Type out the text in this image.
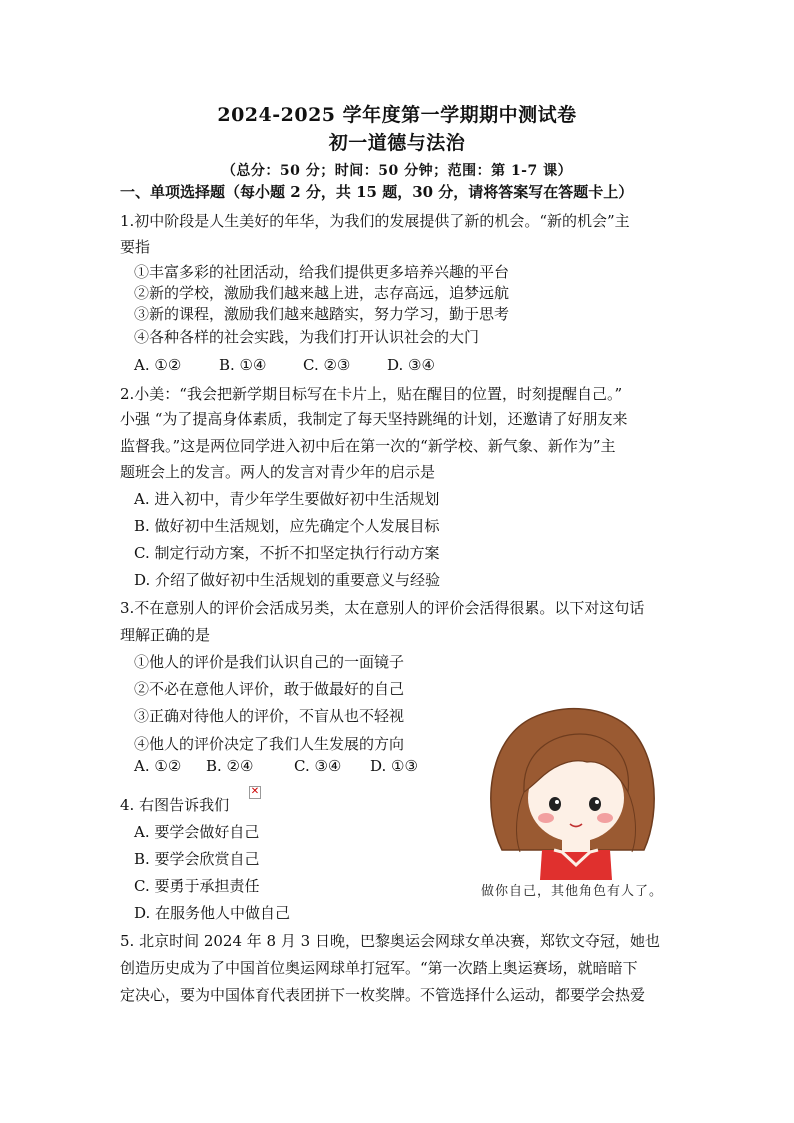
2024-2025 学年度第一学期期中测试卷
初一道德与法治
（总分：50 分；时间：50 分钟；范围：第 1-7 课）
一、单项选择题（每小题 2 分，共 15 题，30 分，请将答案写在答题卡上）
1.初中阶段是人生美好的年华，为我们的发展提供了新的机会。“新的机会”主
要指
①丰富多彩的社团活动，给我们提供更多培养兴趣的平台
②新的学校，激励我们越来越上进，志存高远，追梦远航
③新的课程，激励我们越来越踏实，努力学习，勤于思考
④各种各样的社会实践，为我们打开认识社会的大门
A. ①②	B. ①④ C. ②③ D. ③④
2.小美：“我会把新学期目标写在卡片上，贴在醒目的位置，时刻提醒自己。”
小强 “为了提高身体素质，我制定了每天坚持跳绳的计划，还邀请了好朋友来
监督我。”这是两位同学进入初中后在第一次的“新学校、新气象、新作为”主
题班会上的发言。两人的发言对青少年的启示是
A. 进入初中，青少年学生要做好初中生活规划
B. 做好初中生活规划，应先确定个人发展目标
C. 制定行动方案，不折不扣坚定执行行动方案
D. 介绍了做好初中生活规划的重要意义与经验
3.不在意别人的评价会活成另类，太在意别人的评价会活得很累。以下对这句话
理解正确的是
①他人的评价是我们认识自己的一面镜子
②不必在意他人评价，敢于做最好的自己
③正确对待他人的评价，不盲从也不轻视
④他人的评价决定了我们人生发展的方向
A. ①② B. ②④	C. ③④ D. ①③
4. 右图告诉我们
✕
A. 要学会做好自己
B. 要学会欣赏自己
C. 要勇于承担责任
D. 在服务他人中做自己
做你自己，其他角色有人了。
5. 北京时间 2024 年 8 月 3 日晚，巴黎奥运会网球女单决赛，郑钦文夺冠，她也
创造历史成为了中国首位奥运网球单打冠军。“第一次踏上奥运赛场，就暗暗下
定决心，要为中国体育代表团拼下一枚奖牌。不管选择什么运动，都要学会热爱
